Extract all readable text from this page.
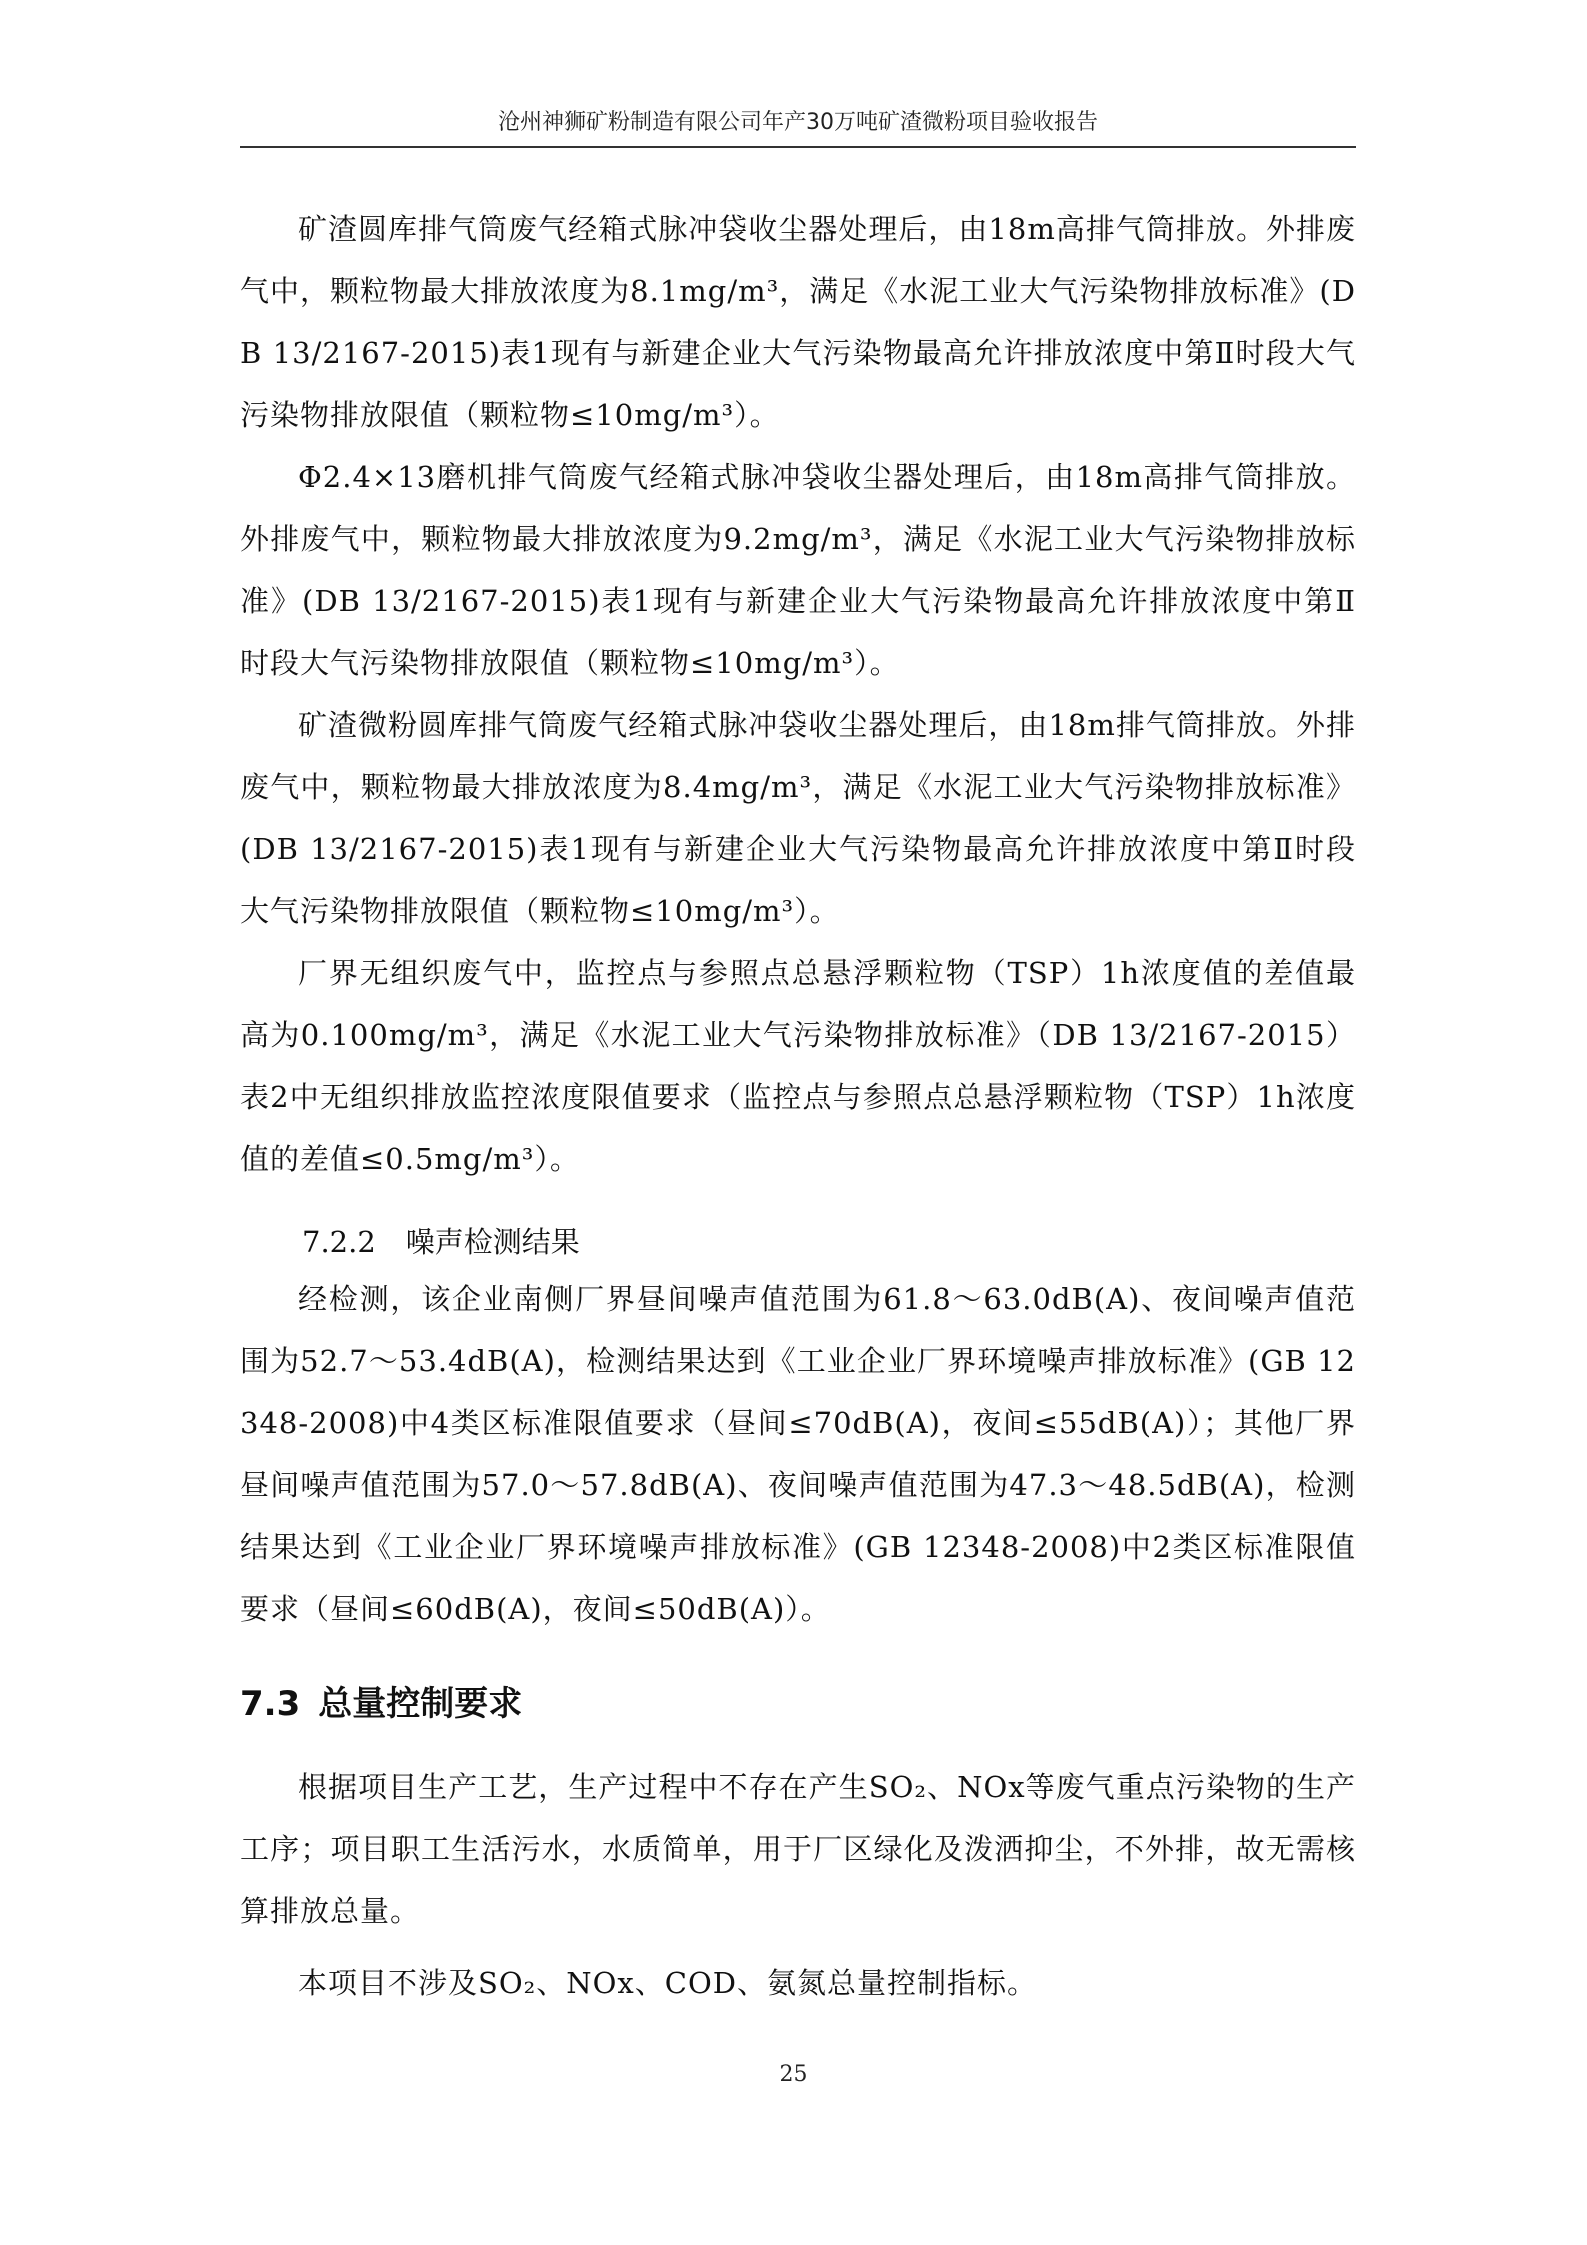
沧州神狮矿粉制造有限公司年产30万吨矿渣微粉项目验收报告

矿渣圆库排气筒废气经箱式脉冲袋收尘器处理后，由18m高排气筒排放。外排废气中，颗粒物最大排放浓度为8.1mg/m³，满足《水泥工业大气污染物排放标准》(DB 13/2167-2015)表1现有与新建企业大气污染物最高允许排放浓度中第Ⅱ时段大气污染物排放限值（颗粒物≤10mg/m³）。

Φ2.4×13磨机排气筒废气经箱式脉冲袋收尘器处理后，由18m高排气筒排放。外排废气中，颗粒物最大排放浓度为9.2mg/m³，满足《水泥工业大气污染物排放标准》(DB 13/2167-2015)表1现有与新建企业大气污染物最高允许排放浓度中第Ⅱ时段大气污染物排放限值（颗粒物≤10mg/m³）。

矿渣微粉圆库排气筒废气经箱式脉冲袋收尘器处理后，由18m排气筒排放。外排废气中，颗粒物最大排放浓度为8.4mg/m³，满足《水泥工业大气污染物排放标准》(DB 13/2167-2015)表1现有与新建企业大气污染物最高允许排放浓度中第Ⅱ时段大气污染物排放限值（颗粒物≤10mg/m³）。

厂界无组织废气中，监控点与参照点总悬浮颗粒物（TSP）1h浓度值的差值最高为0.100mg/m³，满足《水泥工业大气污染物排放标准》（DB 13/2167-2015）表2中无组织排放监控浓度限值要求（监控点与参照点总悬浮颗粒物（TSP）1h浓度值的差值≤0.5mg/m³）。

7.2.2 噪声检测结果

经检测，该企业南侧厂界昼间噪声值范围为61.8～63.0dB(A)、夜间噪声值范围为52.7～53.4dB(A)，检测结果达到《工业企业厂界环境噪声排放标准》(GB 12348-2008)中4类区标准限值要求（昼间≤70dB(A)，夜间≤55dB(A)）；其他厂界昼间噪声值范围为57.0～57.8dB(A)、夜间噪声值范围为47.3～48.5dB(A)，检测结果达到《工业企业厂界环境噪声排放标准》(GB 12348-2008)中2类区标准限值要求（昼间≤60dB(A)，夜间≤50dB(A)）。

7.3 总量控制要求

根据项目生产工艺，生产过程中不存在产生SO₂、NOx等废气重点污染物的生产工序；项目职工生活污水，水质简单，用于厂区绿化及泼洒抑尘，不外排，故无需核算排放总量。

本项目不涉及SO₂、NOx、COD、氨氮总量控制指标。

25
